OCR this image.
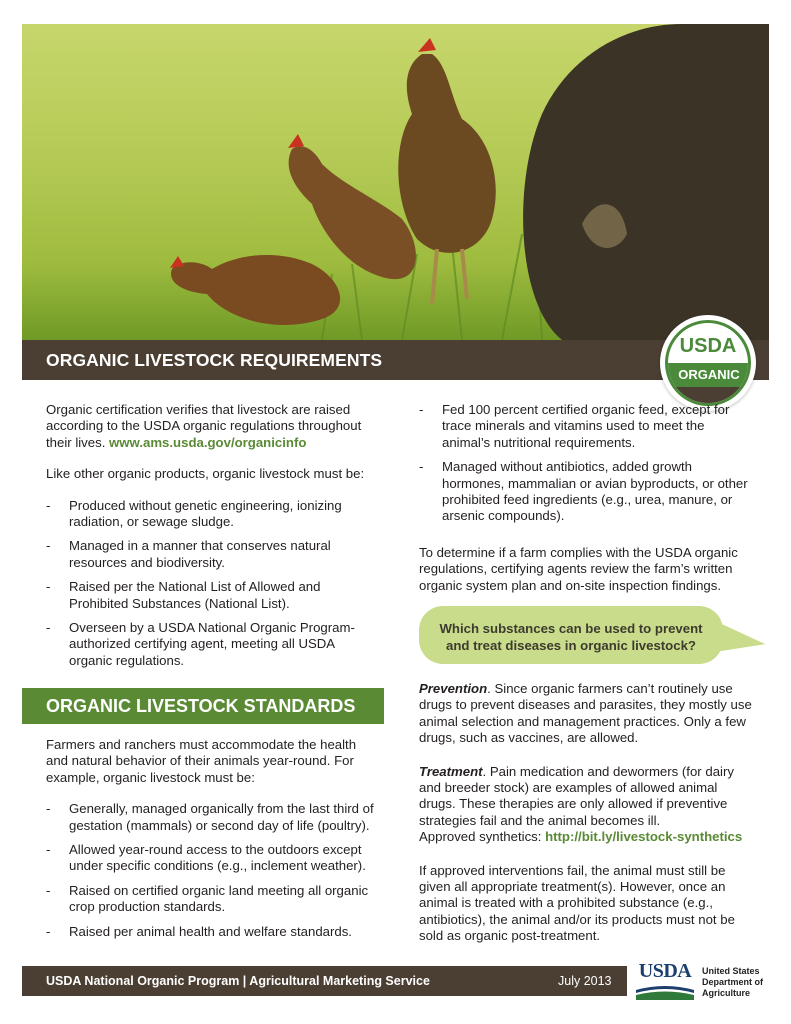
ORGANIC LIVESTOCK REQUIREMENTS
USDA
ORGANIC

Organic certification verifies that livestock are raised according to the USDA organic regulations throughout their lives. www.ams.usda.gov/organicinfo

Like other organic products, organic livestock must be:

- Produced without genetic engineering, ionizing radiation, or sewage sludge.
- Managed in a manner that conserves natural resources and biodiversity.
- Raised per the National List of Allowed and Prohibited Substances (National List).
- Overseen by a USDA National Organic Program-authorized certifying agent, meeting all USDA organic regulations.
ORGANIC LIVESTOCK STANDARDS

Farmers and ranchers must accommodate the health and natural behavior of their animals year-round. For example, organic livestock must be:

- Generally, managed organically from the last third of gestation (mammals) or second day of life (poultry).
- Allowed year-round access to the outdoors except under specific conditions (e.g., inclement weather).
- Raised on certified organic land meeting all organic crop production standards.
- Raised per animal health and welfare standards.
- Fed 100 percent certified organic feed, except for trace minerals and vitamins used to meet the animal’s nutritional requirements.
- Managed without antibiotics, added growth hormones, mammalian or avian byproducts, or other prohibited feed ingredients (e.g., urea, manure, or arsenic compounds).

To determine if a farm complies with the USDA organic regulations, certifying agents review the farm’s written organic system plan and on-site inspection findings.

Which substances can be used to prevent and treat diseases in organic livestock?

Prevention. Since organic farmers can’t routinely use drugs to prevent diseases and parasites, they mostly use animal selection and management practices. Only a few drugs, such as vaccines, are allowed.

Treatment. Pain medication and dewormers (for dairy and breeder stock) are examples of allowed animal drugs. These therapies are only allowed if preventive strategies fail and the animal becomes ill.
Approved synthetics: http://bit.ly/livestock-synthetics

If approved interventions fail, the animal must still be given all appropriate treatment(s). However, once an animal is treated with a prohibited substance (e.g., antibiotics), the animal and/or its products must not be sold as organic post-treatment.

USDA National Organic Program | Agricultural Marketing Service	July 2013 USDA	United States
Department of
Agriculture
